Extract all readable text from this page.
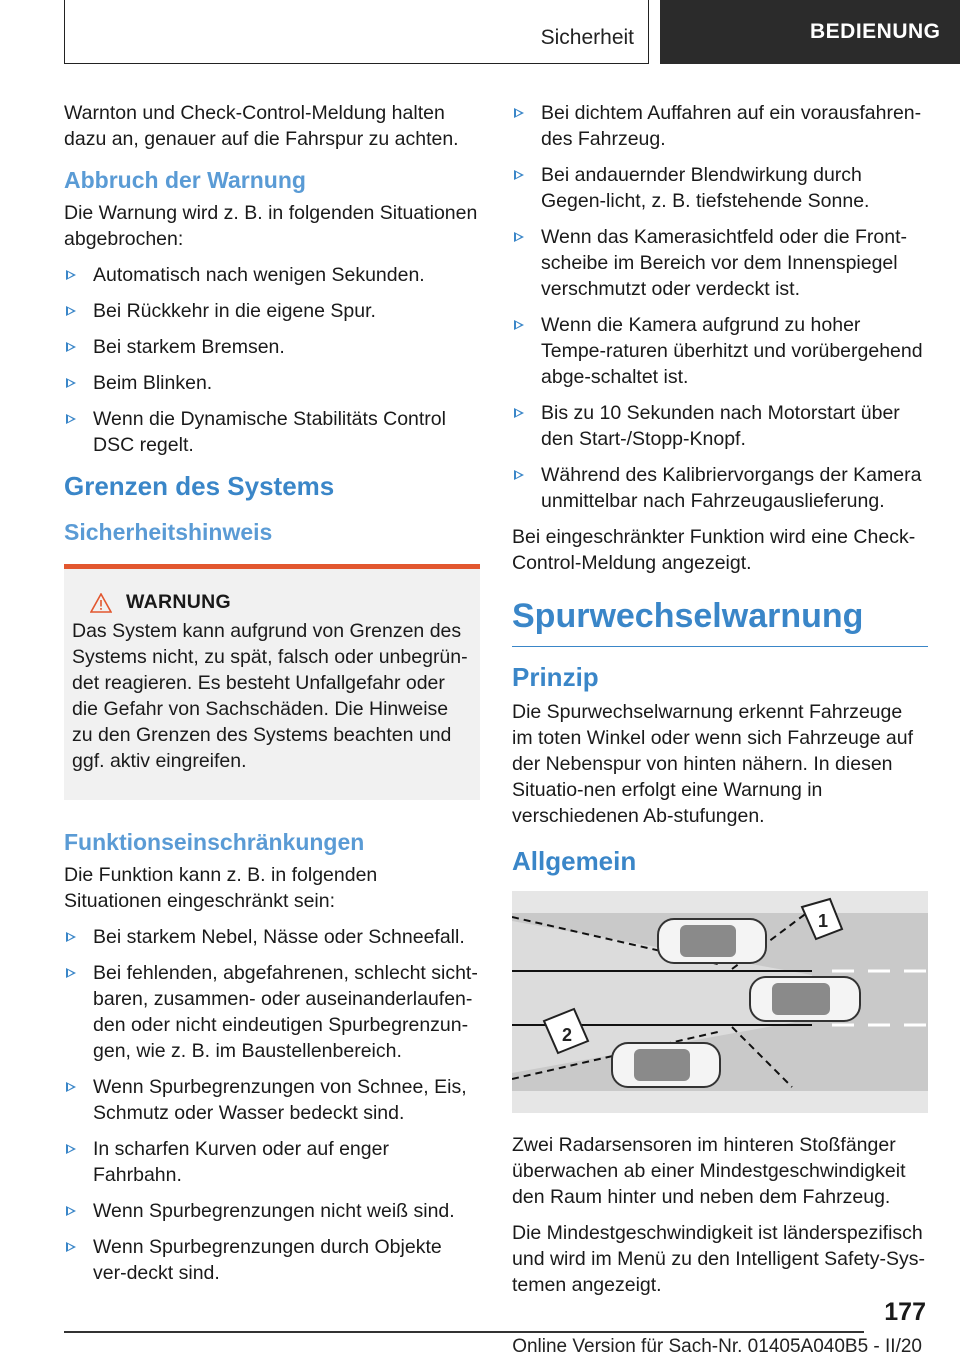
Sicherheit	BEDIENUNG

Warnton und Check-Control-Meldung halten dazu an, genauer auf die Fahrspur zu achten.

Abbruch der Warnung

Die Warnung wird z. B. in folgenden Situationen abgebrochen:

Automatisch nach wenigen Sekunden.
Bei Rückkehr in die eigene Spur.
Bei starkem Bremsen.
Beim Blinken.
Wenn die Dynamische Stabilitäts Control DSC regelt.
Grenzen des Systems
Sicherheitshinweis
WARNUNG

Das System kann aufgrund von Grenzen des Systems nicht, zu spät, falsch oder unbegrün-det reagieren. Es besteht Unfallgefahr oder die Gefahr von Sachschäden. Die Hinweise zu den Grenzen des Systems beachten und ggf. aktiv eingreifen.

Funktionseinschränkungen

Die Funktion kann z. B. in folgenden Situationen eingeschränkt sein:

Bei starkem Nebel, Nässe oder Schneefall.
Bei fehlenden, abgefahrenen, schlecht sicht-baren, zusammen- oder auseinanderlaufen-den oder nicht eindeutigen Spurbegrenzun-gen, wie z. B. im Baustellenbereich.
Wenn Spurbegrenzungen von Schnee, Eis, Schmutz oder Wasser bedeckt sind.
In scharfen Kurven oder auf enger Fahrbahn.
Wenn Spurbegrenzungen nicht weiß sind.
Wenn Spurbegrenzungen durch Objekte ver-deckt sind.
Bei dichtem Auffahren auf ein vorausfahren-des Fahrzeug.
Bei andauernder Blendwirkung durch Gegen-licht, z. B. tiefstehende Sonne.
Wenn das Kamerasichtfeld oder die Front-scheibe im Bereich vor dem Innenspiegel verschmutzt oder verdeckt ist.
Wenn die Kamera aufgrund zu hoher Tempe-raturen überhitzt und vorübergehend abge-schaltet ist.
Bis zu 10 Sekunden nach Motorstart über den Start-/Stopp-Knopf.
Während des Kalibriervorgangs der Kamera unmittelbar nach Fahrzeugauslieferung.

Bei eingeschränkter Funktion wird eine Check-Control-Meldung angezeigt.

Spurwechselwarnung
Prinzip

Die Spurwechselwarnung erkennt Fahrzeuge im toten Winkel oder wenn sich Fahrzeuge auf der Nebenspur von hinten nähern. In diesen Situatio-nen erfolgt eine Warnung in verschiedenen Ab-stufungen.

Allgemein
1
2

Zwei Radarsensoren im hinteren Stoßfänger überwachen ab einer Mindestgeschwindigkeit den Raum hinter und neben dem Fahrzeug.

Die Mindestgeschwindigkeit ist länderspezifisch und wird im Menü zu den Intelligent Safety-Sys-temen angezeigt.

177
Online Version für Sach-Nr. 01405A040B5 - II/20
